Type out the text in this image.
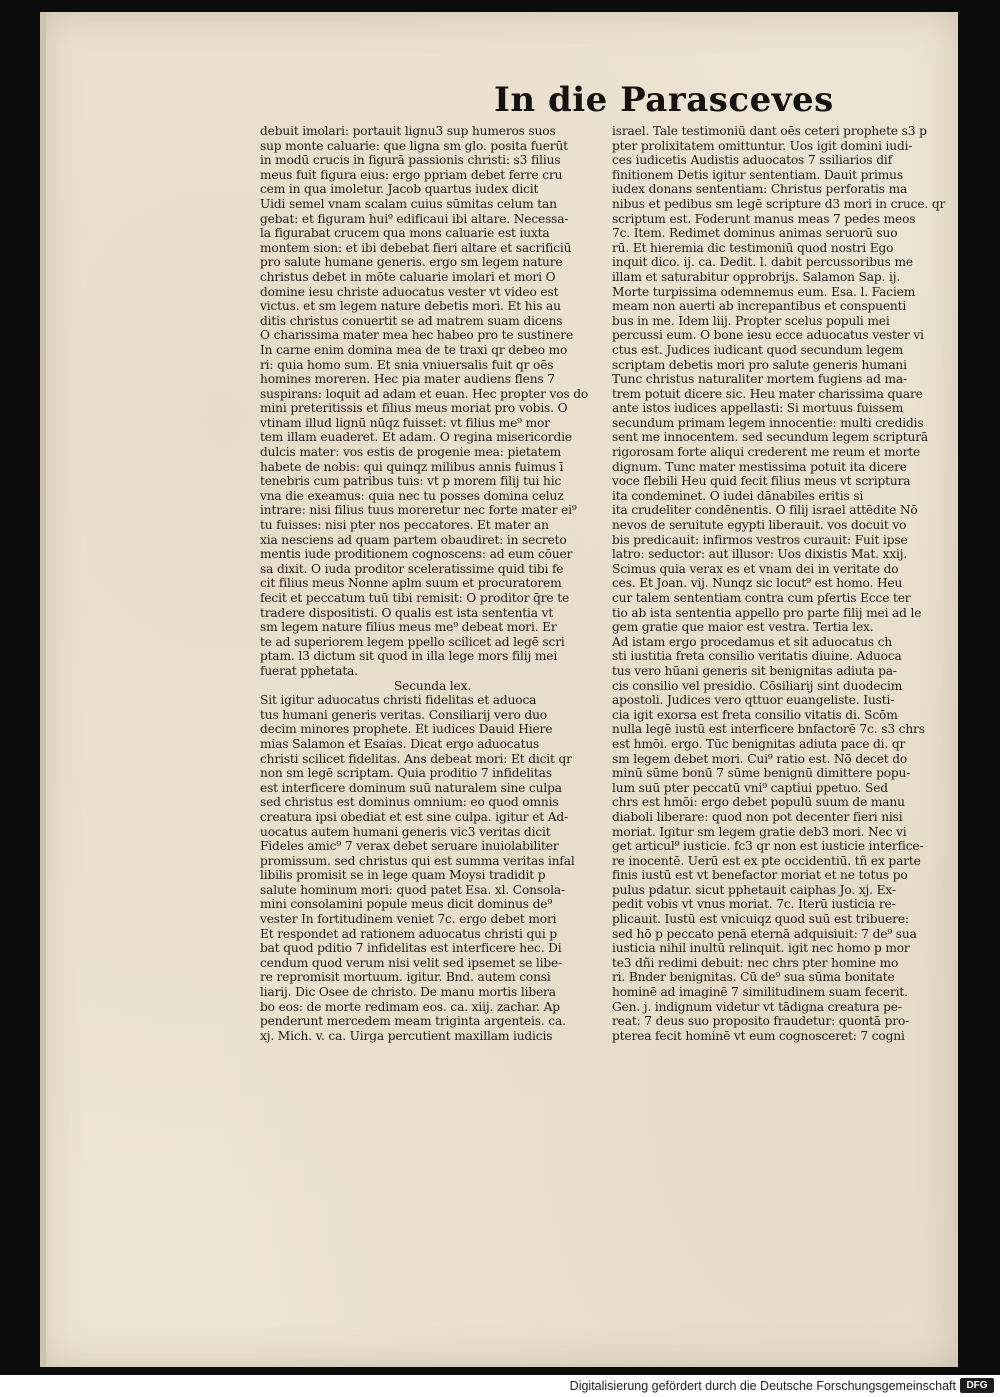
In die Parasceves
debuit imolari: portauit lignu3 sup humeros suos
sup monte caluarie: que ligna sm glo. posita fuerūt
in modū crucis in figurā passionis christi: s3 filius
meus fuit figura eius: ergo ppriam debet ferre cru
cem in qua imoletur. Jacob quartus iudex dicit
Uidi semel vnam scalam cuius sūmitas celum tan
gebat: et figuram hui⁹ edificaui ibi altare. Necessa-
la figurabat crucem qua mons caluarie est iuxta
montem sion: et ibi debebat fieri altare et sacrificiū
pro salute humane generis. ergo sm legem nature
christus debet in mōte caluarie imolari et mori O
domine iesu christe aduocatus vester vt video est
victus. et sm legem nature debetis mori. Et his au
ditis christus conuertit se ad matrem suam dicens
O charissima mater mea hec habeo pro te sustinere
In carne enim domina mea de te traxi qr debeo mo
ri: quia homo sum. Et snia vniuersalis fuit qr oēs
homines moreren. Hec pia mater audiens flens 7
suspirans: loquit ad adam et euan. Hec propter vos do
mini preteritissis et filius meus moriat pro vobis. O
vtinam illud lignū nūqz fuisset: vt filius me⁹ mor
tem illam euaderet. Et adam. O regina misericordie
dulcis mater: vos estis de progenie mea: pietatem
habete de nobis: qui quinqz milibus annis fuimus ī
tenebris cum patribus tuis: vt p morem filij tui hic
vna die exeamus: quia nec tu posses domina celuz
intrare: nisi filius tuus moreretur nec forte mater ei⁹
tu fuisses: nisi pter nos peccatores. Et mater an
xia nesciens ad quam partem obaudiret: in secreto
mentis iude proditionem cognoscens: ad eum cōuer
sa dixit. O iuda proditor sceleratissime quid tibi fe
cit filius meus Nonne aplm suum et procuratorem
fecit et peccatum tuū tibi remisit: O proditor q̄re te
tradere dispositisti. O qualis est ista sententia vt
sm legem nature filius meus me⁹ debeat mori. Er
te ad superiorem legem ppello scilicet ad legē scri
ptam. l3 dictum sit quod in illa lege mors filij mei
fuerat pphetata.
Secunda lex.
Sit igitur aduocatus christi fidelitas et aduoca
tus humani generis veritas. Consiliarij vero duo
decim minores prophete. Et iudices Dauid Hiere
mias Salamon et Esaias. Dicat ergo aduocatus
christi scilicet fidelitas. Ans debeat mori: Et dicit qr
non sm legē scriptam. Quia proditio 7 infidelitas
est interficere dominum suū naturalem sine culpa
sed christus est dominus omnium: eo quod omnis
creatura ipsi obediat et est sine culpa. igitur et Ad-
uocatus autem humani generis vic3 veritas dicit
Fideles amic⁹ 7 verax debet seruare inuiolabiliter
promissum. sed christus qui est summa veritas infal
libilis promisit se in lege quam Moysi tradidit p
salute hominum mori: quod patet Esa. xl. Consola-
mini consolamini popule meus dicit dominus de⁹
vester In fortitudinem veniet 7c. ergo debet mori
Et respondet ad rationem aduocatus christi qui p
bat quod pditio 7 infidelitas est interficere hec. Di
cendum quod verum nisi velit sed ipsemet se libe-
re repromisit mortuum. igitur. Bnd. autem consi
liarij. Dic Osee de christo. De manu mortis libera
bo eos: de morte redimam eos. ca. xiij. zachar. Ap
penderunt mercedem meam triginta argenteis. ca.
xj. Mich. v. ca. Uirga percutient maxillam iudicis
israel. Tale testimoniū dant oēs ceteri prophete s3 p
pter prolixitatem omittuntur. Uos igit domini iudi-
ces iudicetis Audistis aduocatos 7 ssiliarios dif
finitionem Detis igitur sententiam. Dauit primus
iudex donans sententiam: Christus perforatis ma
nibus et pedibus sm legē scripture d3 mori in cruce. qr
scriptum est. Foderunt manus meas 7 pedes meos
7c. Item. Redimet dominus animas seruorū suo
rū. Et hieremia dic testimoniū quod nostri Ego
inquit dico. ij. ca. Dedit. l. dabit percussoribus me
illam et saturabitur opprobrijs. Salamon Sap. ij.
Morte turpissima odemnemus eum. Esa. l. Faciem
meam non auerti ab increpantibus et conspuenti
bus in me. Idem liij. Propter scelus populi mei
percussi eum. O bone iesu ecce aduocatus vester vi
ctus est. Judices iudicant quod secundum legem
scriptam debetis mori pro salute generis humani
Tunc christus naturaliter mortem fugiens ad ma-
trem potuit dicere sic. Heu mater charissima quare
ante istos iudices appellasti: Si mortuus fuissem
secundum primam legem innocentie: multi credidis
sent me innocentem. sed secundum legem scripturā
rigorosam forte aliqui crederent me reum et morte
dignum. Tunc mater mestissima potuit ita dicere
voce flebili Heu quid fecit filius meus vt scriptura
ita condeminet. O iudei dānabiles eritis si
ita crudeliter condēnentis. O filij israel attēdite Nō
nevos de seruitute egypti liberauit. vos docuit vo
bis predicauit: infirmos vestros curauit: Fuit ipse
latro: seductor: aut illusor: Uos dixistis Mat. xxij.
Scimus quia verax es et vnam dei in veritate do
ces. Et Joan. vij. Nunqz sic locut⁹ est homo. Heu
cur talem sententiam contra cum pfertis Ecce ter
tio ab ista sententia appello pro parte filij mei ad le
gem gratie que maior est vestra. Tertia lex.
Ad istam ergo procedamus et sit aduocatus ch
sti iustitia freta consilio veritatis diuine. Aduoca
tus vero hūani generis sit benignitas adiuta pa-
cis consilio vel presidio. Cōsiliarij sint duodecim
apostoli. Judices vero qttuor euangeliste. Iusti-
cia igit exorsa est freta consilio vitatis di. Scōm
nulla legē iustū est interficere bnfactorē 7c. s3 chrs
est hmōi. ergo. Tūc benignitas adiuta pace di. qr
sm legem debet mori. Cui⁹ ratio est. Nō decet do
minū sūme bonū 7 sūme benignū dimittere popu-
lum suū pter peccatū vni⁹ captiui ppetuo. Sed
chrs est hmōi: ergo debet populū suum de manu
diaboli liberare: quod non pot decenter fieri nisi
moriat. Igitur sm legem gratie deb3 mori. Nec vi
get articul⁹ iusticie. fc3 qr non est iusticie interfice-
re inocentē. Uerū est ex pte occidentiū. tñ ex parte
finis iustū est vt benefactor moriat et ne totus po
pulus pdatur. sicut pphetauit caiphas Jo. xj. Ex-
pedit vobis vt vnus moriat. 7c. Iterū iusticia re-
plicauit. Iustū est vnicuiqz quod suū est tribuere:
sed hō p peccato penā eternā adquisiuit: 7 de⁹ sua
iusticia nihil inultū relinquit. igit nec homo p mor
te3 dñi redimi debuit: nec chrs pter homine mo
ri. Bnder benignitas. Cū de⁹ sua sūma bonitate
hominē ad imaginē 7 similitudinem suam fecerit.
Gen. j. indignum videtur vt tādigna creatura pe-
reat: 7 deus suo proposito fraudetur: quontā pro-
pterea fecit hominē vt eum cognosceret: 7 cogni
Digitalisierung gefördert durch die Deutsche Forschungsgemeinschaft	DFG
